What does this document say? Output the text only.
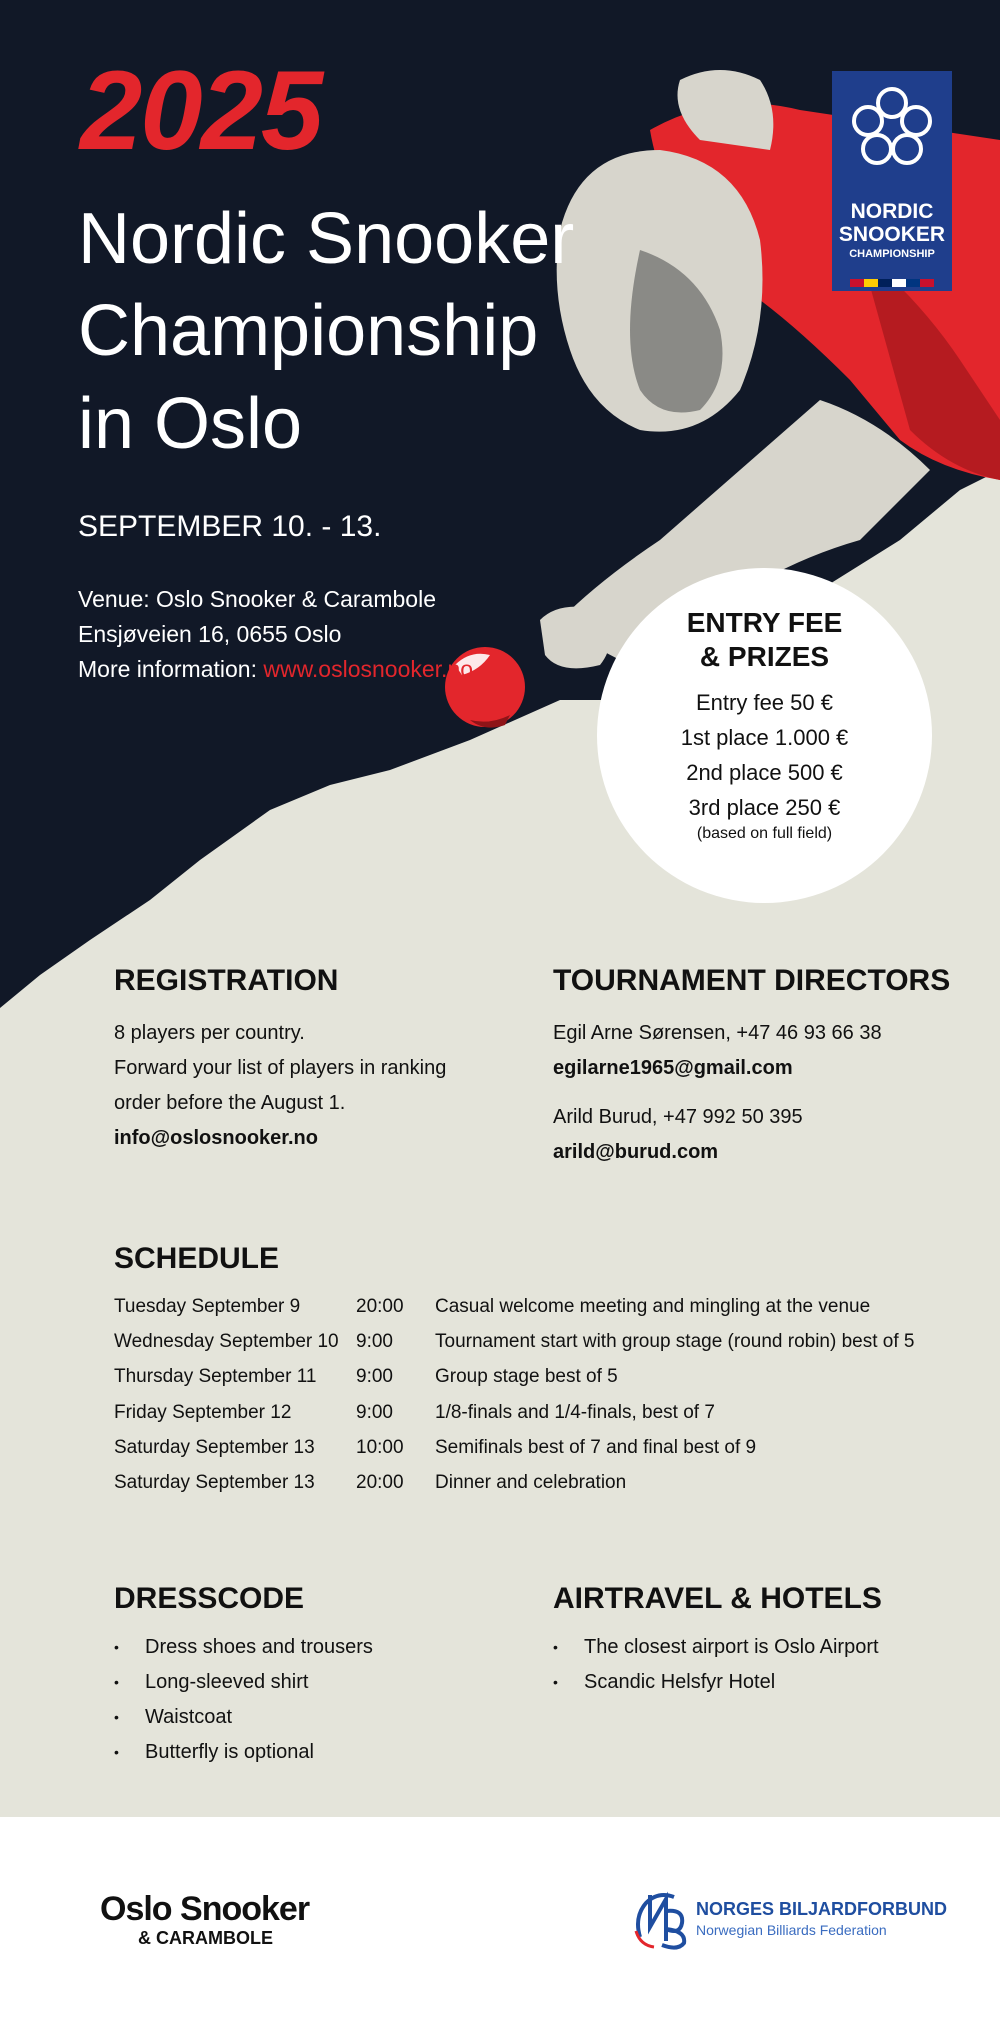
2025
Nordic Snooker
Championship
in Oslo
SEPTEMBER 10. - 13.
Venue: Oslo Snooker & Carambole
Ensjøveien 16, 0655 Oslo
More information: www.oslosnooker.no
NORDIC
SNOOKER
CHAMPIONSHIP
ENTRY FEE
& PRIZES
Entry fee 50 €
1st place 1.000 €
2nd place 500 €
3rd place 250 €
(based on full field)
REGISTRATION
8 players per country.
Forward your list of players in ranking
order before the August 1.
info@oslosnooker.no
TOURNAMENT DIRECTORS
Egil Arne Sørensen, +47 46 93 66 38
egilarne1965@gmail.com
Arild Burud, +47 992 50 395
arild@burud.com
SCHEDULE
Tuesday September 9	20:00 Casual welcome meeting and mingling at the venue
Wednesday September 10 9:00 Tournament start with group stage (round robin) best of 5
Thursday September 11 9:00 Group stage best of 5
Friday September 12	9:00 1/8-finals and 1/4-finals, best of 7
Saturday September 13 10:00 Semifinals best of 7 and final best of 9
Saturday September 13 20:00 Dinner and celebration
DRESSCODE
• Dress shoes and trousers
• Long-sleeved shirt
• Waistcoat
• Butterfly is optional
AIRTRAVEL & HOTELS
• The closest airport is Oslo Airport
• Scandic Helsfyr Hotel
Oslo Snooker
& CARAMBOLE
NORGES BILJARDFORBUND
Norwegian Billiards Federation
